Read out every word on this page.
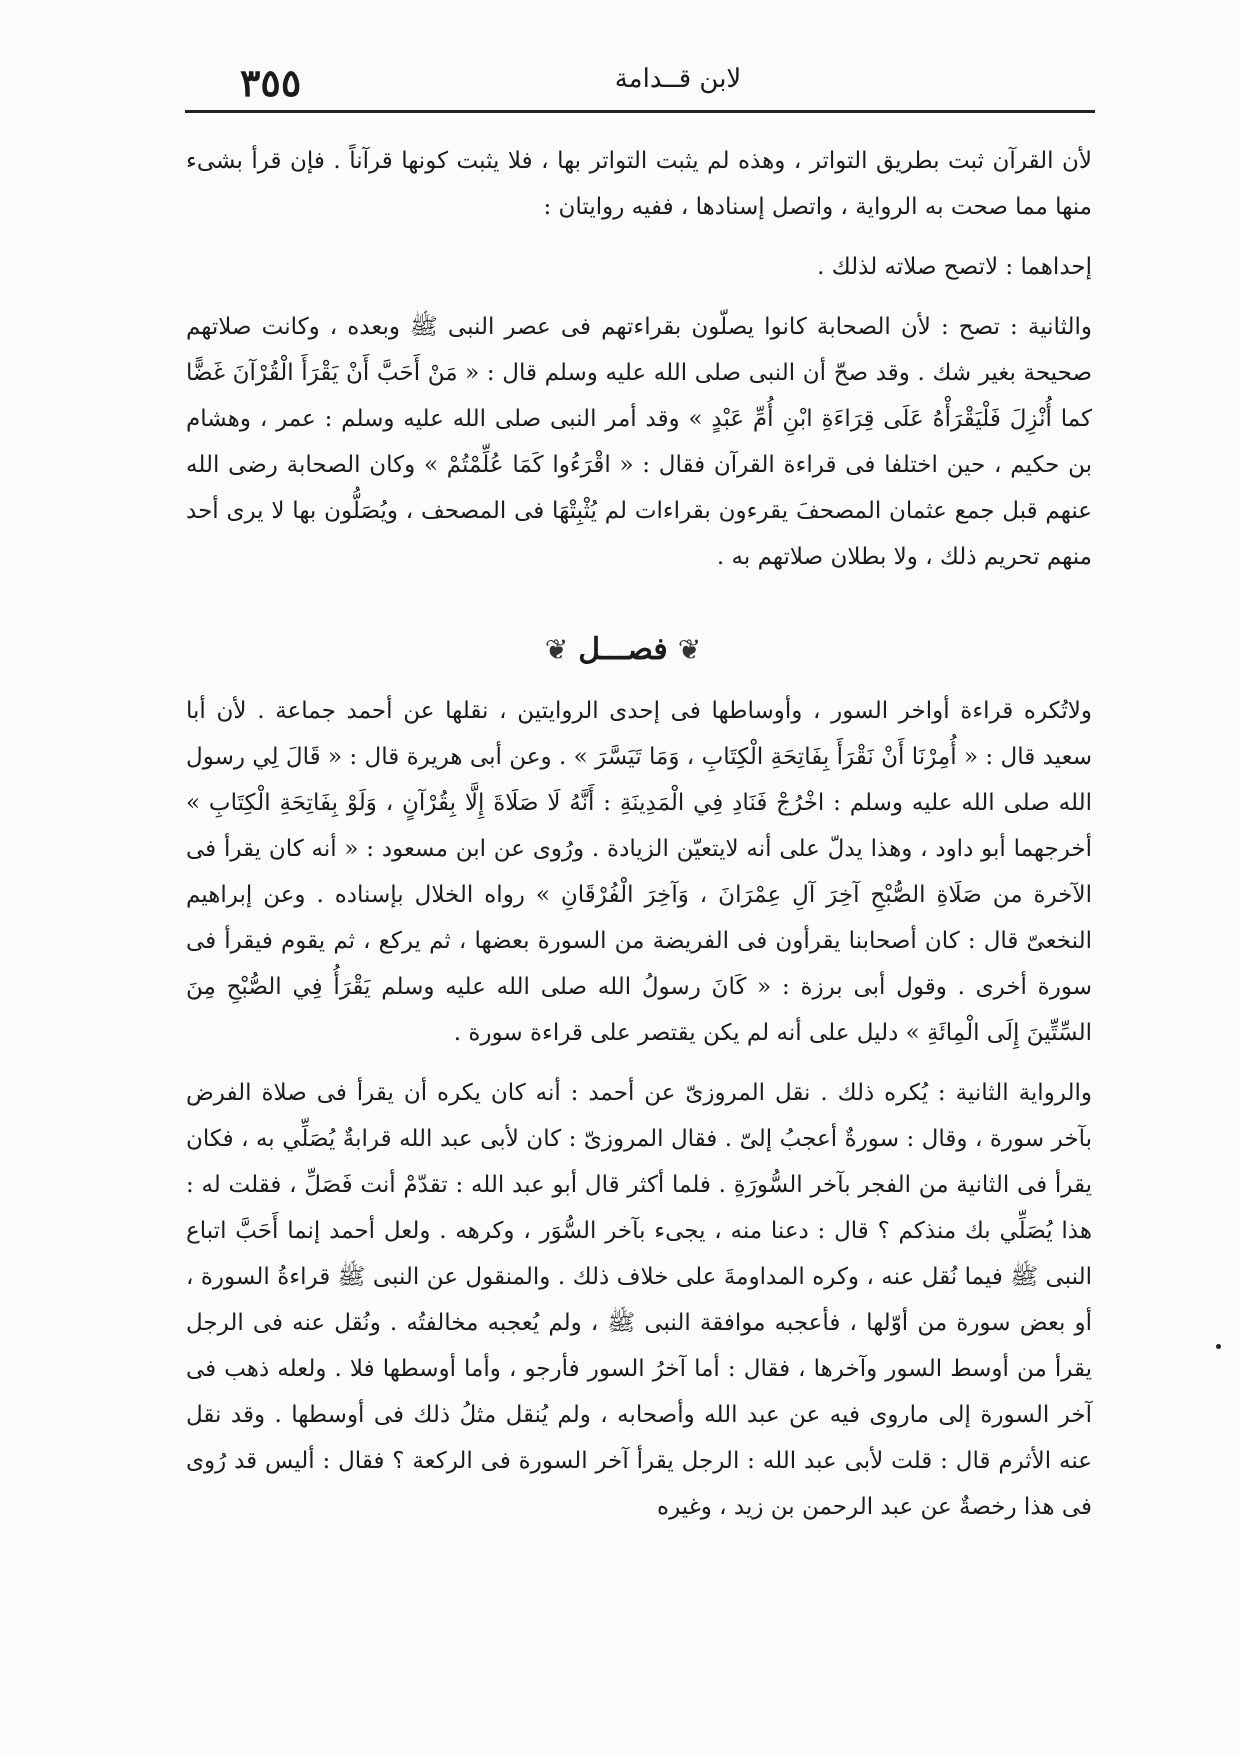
٣٥٥	لابن قــدامة

لأن القرآن ثبت بطريق التواتر ، وهذه لم يثبت التواتر بها ، فلا يثبت كونها قرآناً . فإن قرأ بشىء منها مما صحت به الرواية ، واتصل إسنادها ، ففيه روايتان :

إحداهما : لاتصح صلاته لذلك .

والثانية : تصح : لأن الصحابة كانوا يصلّون بقراءتهم فى عصر النبى ﷺ وبعده ، وكانت صلاتهم صحيحة بغير شك . وقد صحّ أن النبى صلى الله عليه وسلم قال : « مَنْ أَحَبَّ أَنْ يَقْرَأَ الْقُرْآنَ غَضًّا كما أُنْزِلَ فَلْيَقْرَأْهُ عَلَى قِرَاءَةِ ابْنِ أُمِّ عَبْدٍ » وقد أمر النبى صلى الله عليه وسلم : عمر ، وهشام بن حكيم ، حين اختلفا فى قراءة القرآن فقال : « اقْرَءُوا كَمَا عُلِّمْتُمْ » وكان الصحابة رضى الله عنهم قبل جمع عثمان المصحفَ يقرءون بقراءات لم يُثْبِتْهَا فى المصحف ، ويُصَلُّون بها لا يرى أحد منهم تحريم ذلك ، ولا بطلان صلاتهم به .

❦ فصـــل ❦

ولاتُكره قراءة أواخر السور ، وأوساطها فى إحدى الروايتين ، نقلها عن أحمد جماعة . لأن أبا سعيد قال : « أُمِرْنَا أَنْ نَقْرَأَ بِفَاتِحَةِ الْكِتَابِ ، وَمَا تَيَسَّرَ » . وعن أبى هريرة قال : « قَالَ لِي رسول الله صلى الله عليه وسلم : اخْرُجْ فَنَادِ فِي الْمَدِينَةِ : أَنَّهُ لَا صَلَاةَ إِلَّا بِقُرْآنٍ ، وَلَوْ بِفَاتِحَةِ الْكِتَابِ » أخرجهما أبو داود ، وهذا يدلّ على أنه لايتعيّن الزيادة . ورُوى عن ابن مسعود : « أنه كان يقرأ فى الآخرة من صَلَاةِ الصُّبْحِ آخِرَ آلِ عِمْرَانَ ، وَآخِرَ الْفُرْقَانِ » رواه الخلال بإسناده . وعن إبراهيم النخعىّ قال : كان أصحابنا يقرأون فى الفريضة من السورة بعضها ، ثم يركع ، ثم يقوم فيقرأ فى سورة أخرى . وقول أبى برزة : « كَانَ رسولُ الله صلى الله عليه وسلم يَقْرَأُ فِي الصُّبْحِ مِنَ السِّتِّينَ إِلَى الْمِائَةِ » دليل على أنه لم يكن يقتصر على قراءة سورة .

والرواية الثانية : يُكره ذلك . نقل المروزىّ عن أحمد : أنه كان يكره أن يقرأ فى صلاة الفرض بآخر سورة ، وقال : سورةٌ أعجبُ إلىّ . فقال المروزىّ : كان لأبى عبد الله قرابةٌ يُصَلِّي به ، فكان يقرأ فى الثانية من الفجر بآخر السُّورَةِ . فلما أكثر قال أبو عبد الله : تقدّمْ أنت فَصَلِّ ، فقلت له : هذا يُصَلِّي بك منذكم ؟ قال : دعنا منه ، يجىء بآخر السُّوَر ، وكرهه . ولعل أحمد إنما أَحَبَّ اتباع النبى ﷺ فيما نُقل عنه ، وكره المداومةَ على خلاف ذلك . والمنقول عن النبى ﷺ قراءةُ السورة ، أو بعض سورة من أوّلها ، فأعجبه موافقة النبى ﷺ ، ولم يُعجبه مخالفتُه . ونُقل عنه فى الرجل يقرأ من أوسط السور وآخرها ، فقال : أما آخرُ السور فأرجو ، وأما أوسطها فلا . ولعله ذهب فى آخر السورة إلى ماروى فيه عن عبد الله وأصحابه ، ولم يُنقل مثلُ ذلك فى أوسطها . وقد نقل عنه الأثرم قال : قلت لأبى عبد الله : الرجل يقرأ آخر السورة فى الركعة ؟ فقال : أليس قد رُوى فى هذا رخصةٌ عن عبد الرحمن بن زيد ، وغيره
